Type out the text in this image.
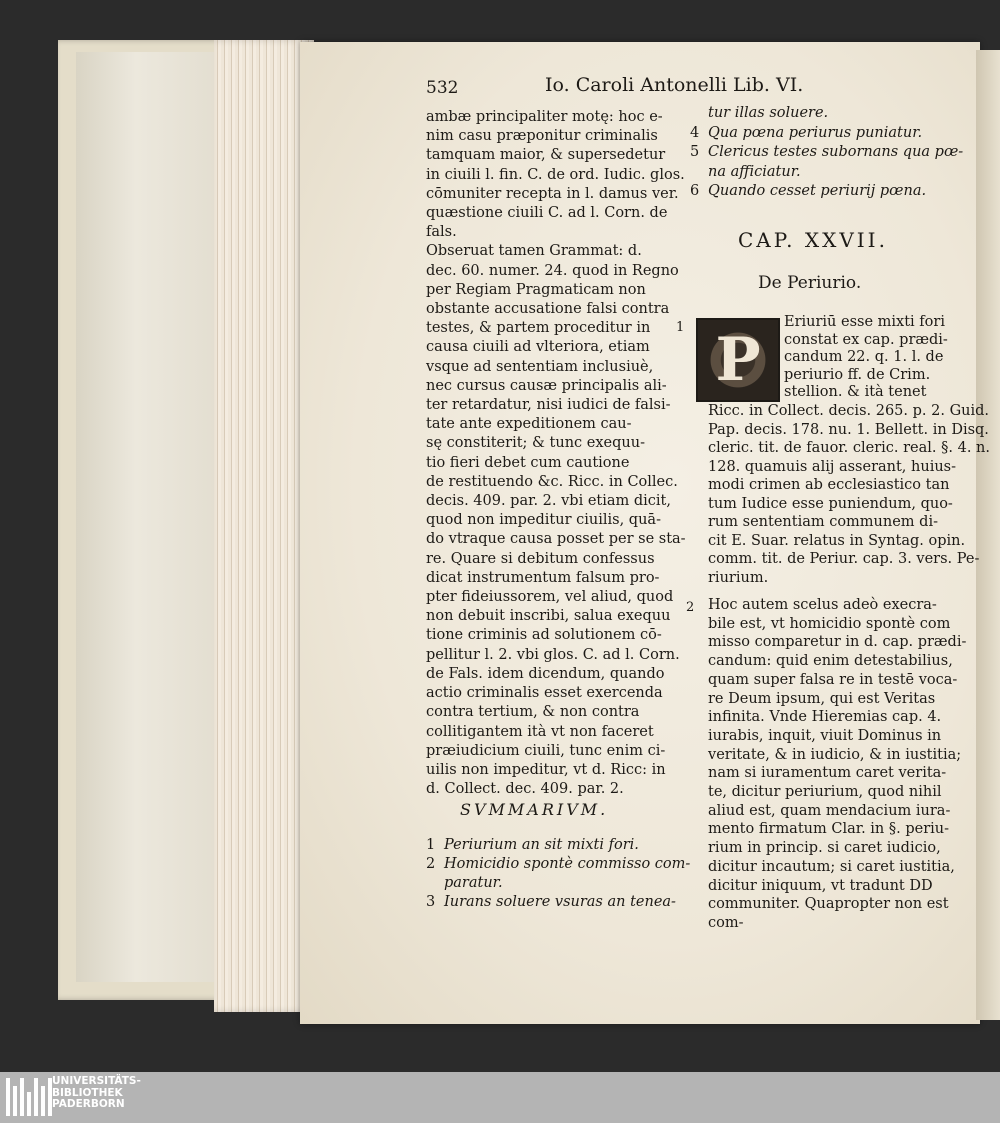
532	Io. Caroli Antonelli Lib. VI.
ambæ principaliter motę: hoc e-
nim casu præponitur criminalis
tamquam maior, & supersedetur
in ciuili l. fin. C. de ord. Iudic. glos.
cōmuniter recepta in l. damus ver.
quæstione ciuili C. ad l. Corn. de
fals.
Obseruat tamen Grammat: d.
dec. 60. numer. 24. quod in Regno
per Regiam Pragmaticam non
obstante accusatione falsi contra
testes, & partem proceditur in
causa ciuili ad vlteriora, etiam
vsque ad sententiam inclusiuè,
nec cursus causæ principalis ali-
ter retardatur, nisi iudici de falsi-
tate ante expeditionem cau-
sę constiterit; & tunc exequu-
tio fieri debet cum cautione
de restituendo &c. Ricc. in Collec.
decis. 409. par. 2. vbi etiam dicit,
quod non impeditur ciuilis, quā-
do vtraque causa posset per se sta-
re. Quare si debitum confessus
dicat instrumentum falsum pro-
pter fideiussorem, vel aliud, quod
non debuit inscribi, salua exequu
tione criminis ad solutionem cō-
pellitur l. 2. vbi glos. C. ad l. Corn.
de Fals. idem dicendum, quando
actio criminalis esset exercenda
contra tertium, & non contra
collitigantem ità vt non faceret
præiudicium ciuili, tunc enim ci-
uilis non impeditur, vt d. Ricc: in
d. Collect. dec. 409. par. 2.
SVMMARIVM.
1 Periurium an sit mixti fori.
2 Homicidio spontè commisso com-
paratur.
3 Iurans soluere vsuras an tenea-
tur illas soluere.
4 Qua pœna periurus puniatur.
5 Clericus testes subornans qua pœ-
na afficiatur.
6 Quando cesset periurij pœna.
CAP. XXVII.
De Periurio.
P
Eriuriū esse mixti fori
constat ex cap. prædi-
candum 22. q. 1. l. de
periurio ff. de Crim.
stellion. & ità tenet
Ricc. in Collect. decis. 265. p. 2. Guid.
Pap. decis. 178. nu. 1. Bellett. in Disq.
cleric. tit. de fauor. cleric. real. §. 4. n.
128. quamuis alij asserant, huius-
modi crimen ab ecclesiastico tan
tum Iudice esse puniendum, quo-
rum sententiam communem di-
cit E. Suar. relatus in Syntag. opin.
comm. tit. de Periur. cap. 3. vers. Pe-
riurium.
Hoc autem scelus adeò execra-
bile est, vt homicidio spontè com
misso comparetur in d. cap. prædi-
candum: quid enim detestabilius,
quam super falsa re in testē voca-
re Deum ipsum, qui est Veritas
infinita. Vnde Hieremias cap. 4.
iurabis, inquit, viuit Dominus in
veritate, & in iudicio, & in iustitia;
nam si iuramentum caret verita-
te, dicitur periurium, quod nihil
aliud est, quam mendacium iura-
mento firmatum Clar. in §. periu-
rium in princip. si caret iudicio,
dicitur incautum; si caret iustitia,
dicitur iniquum, vt tradunt DD
communiter. Quapropter non est
com-
1
2
UNIVERSITÄTS-
BIBLIOTHEK
PADERBORN
